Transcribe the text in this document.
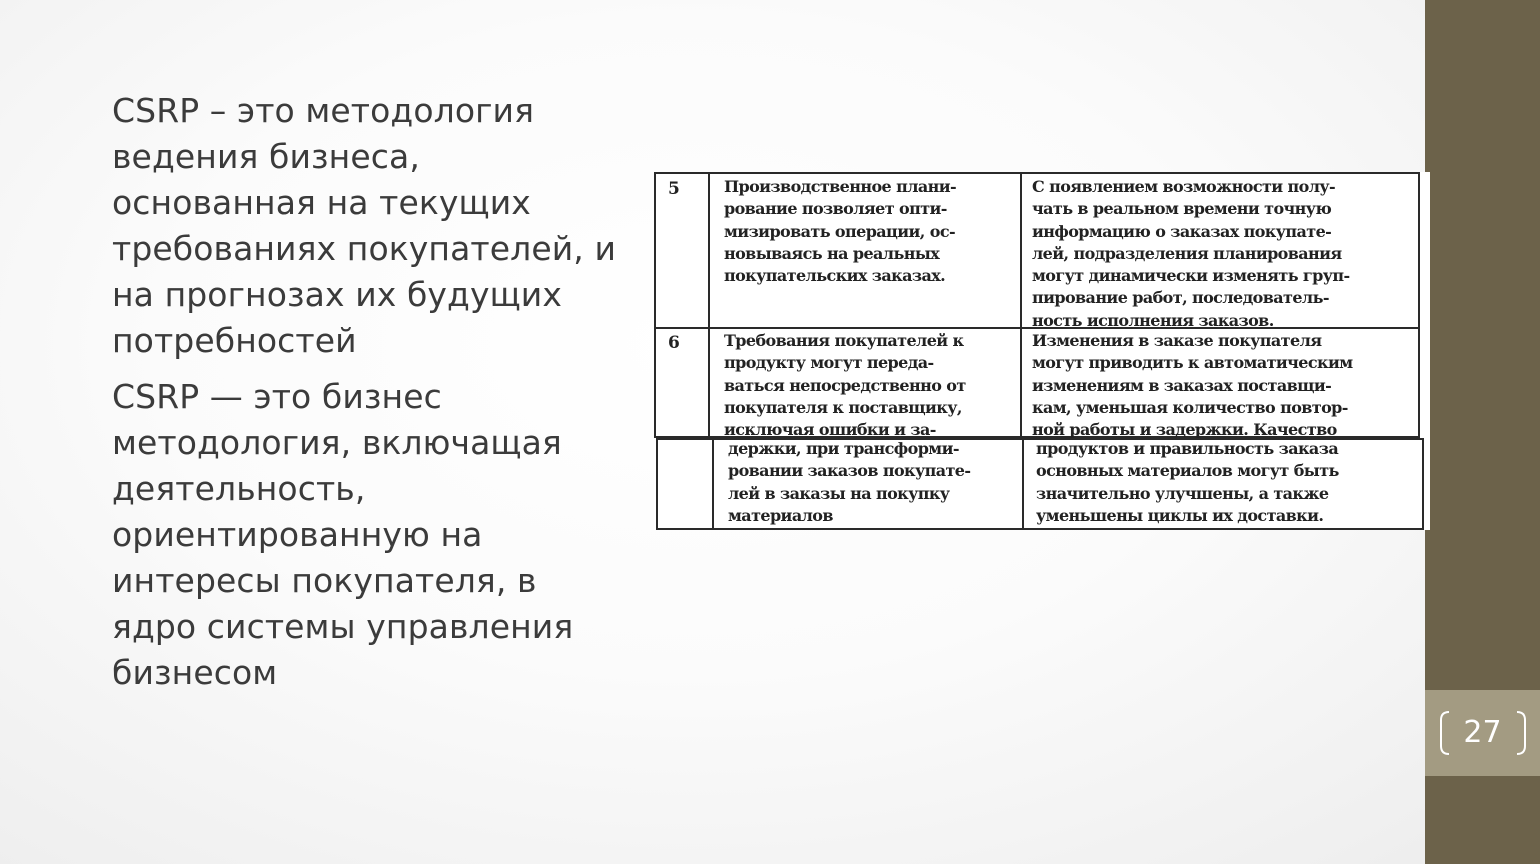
27
CSRP – это методология
ведения бизнеса,
основанная на текущих
требованиях покупателей, и
на прогнозах их будущих
потребностей
CSRP — это бизнес
методология, включащая
деятельность,
ориентированную на
интересы покупателя, в
ядро системы управления
бизнесом
5	Производственное плани-
рование позволяет опти-
мизировать операции, ос-
новываясь на реальных
покупательских заказах.
С появлением возможности полу-
чать в реальном времени точную
информацию о заказах покупате-
лей, подразделения планирования
могут динамически изменять груп-
пирование работ, последователь-
ность исполнения заказов.
6	Требования покупателей к
продукту могут переда-
ваться непосредственно от
покупателя к поставщику,
исключая ошибки и за-
Изменения в заказе покупателя
могут приводить к автоматическим
изменениям в заказах поставщи-
кам, уменьшая количество повтор-
ной работы и задержки. Качество
держки, при трансформи-
ровании заказов покупате-
лей в заказы на покупку
материалов
продуктов и правильность заказа
основных материалов могут быть
значительно улучшены, а также
уменьшены циклы их доставки.
